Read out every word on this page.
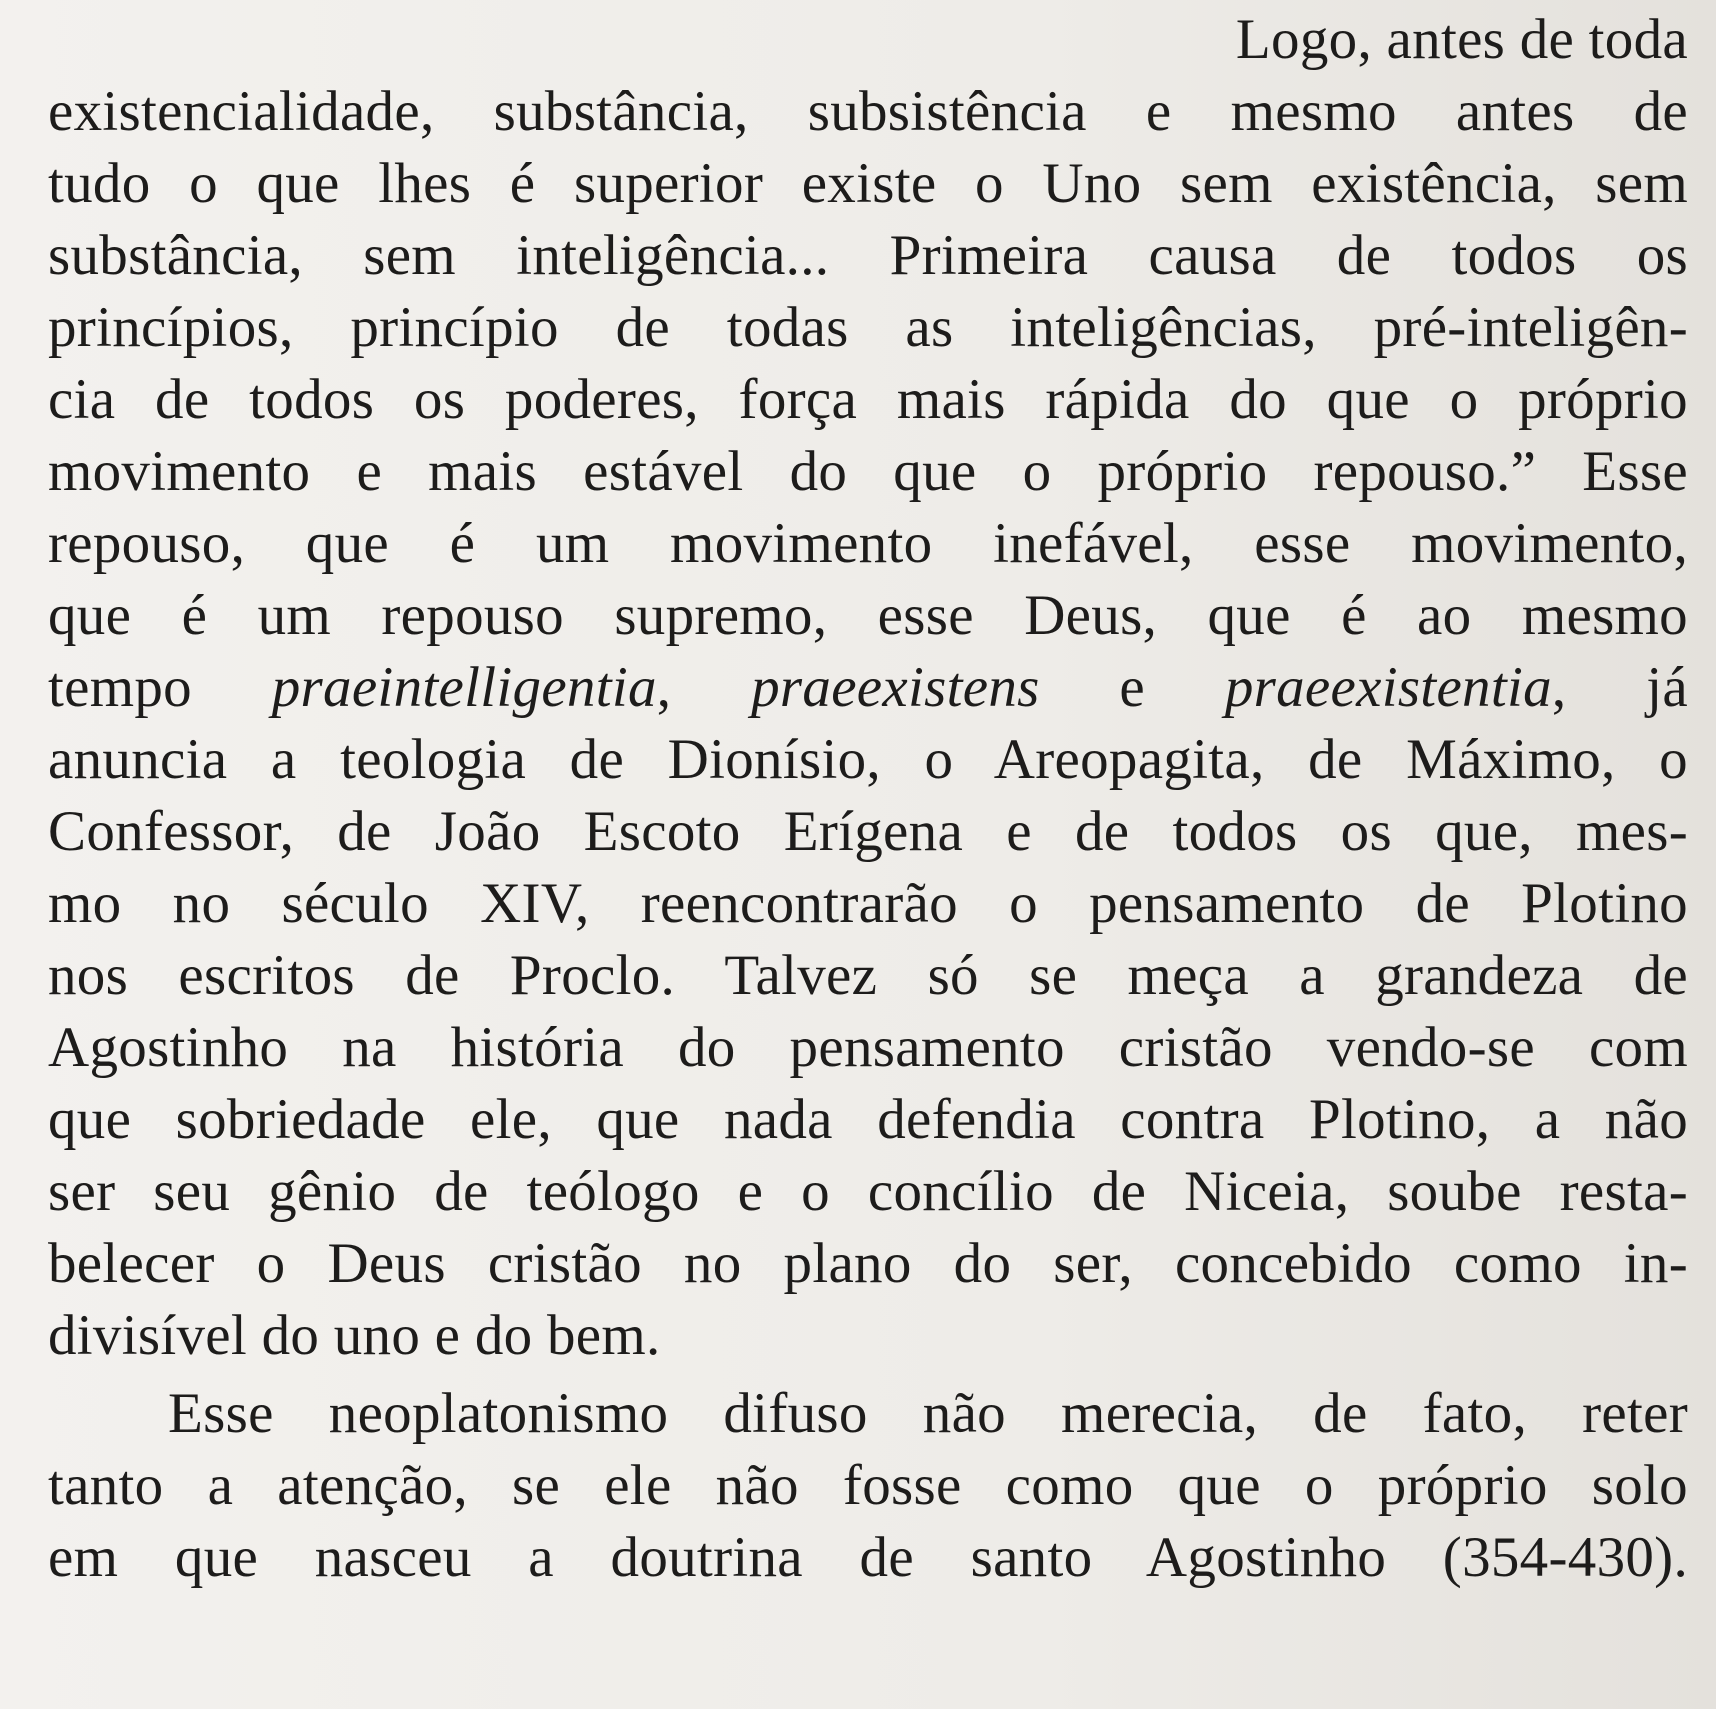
Logo, antes de toda
existencialidade, substância, subsistência e mesmo antes de
tudo o que lhes é superior existe o Uno sem existência, sem
substância, sem inteligência... Primeira causa de todos os
princípios, princípio de todas as inteligências, pré-inteligên-
cia de todos os poderes, força mais rápida do que o próprio
movimento e mais estável do que o próprio repouso.” Esse
repouso, que é um movimento inefável, esse movimento,
que é um repouso supremo, esse Deus, que é ao mesmo
tempo praeintelligentia, praeexistens e praeexistentia, já
anuncia a teologia de Dionísio, o Areopagita, de Máximo, o
Confessor, de João Escoto Erígena e de todos os que, mes-
mo no século XIV, reencontrarão o pensamento de Plotino
nos escritos de Proclo. Talvez só se meça a grandeza de
Agostinho na história do pensamento cristão vendo-se com
que sobriedade ele, que nada defendia contra Plotino, a não
ser seu gênio de teólogo e o concílio de Niceia, soube resta-
belecer o Deus cristão no plano do ser, concebido como in-
divisível do uno e do bem.
Esse neoplatonismo difuso não merecia, de fato, reter
tanto a atenção, se ele não fosse como que o próprio solo
em que nasceu a doutrina de santo Agostinho (354-430).
